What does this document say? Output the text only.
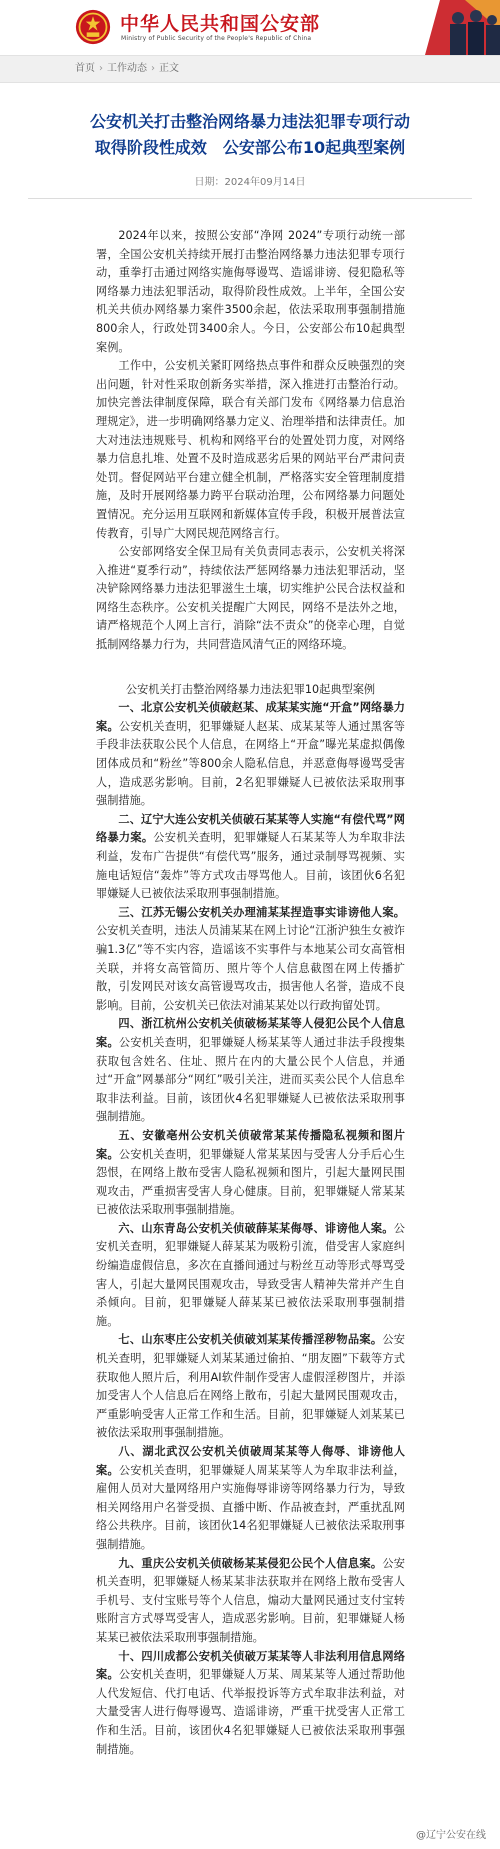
中华人民共和国公安部
Ministry of Public Security of the People's Republic of China
首页 › 工作动态 › 正文
公安机关打击整治网络暴力违法犯罪专项行动
取得阶段性成效　公安部公布10起典型案例
日期：2024年09月14日

2024年以来，按照公安部“净网 2024”专项行动统一部署，全国公安机关持续开展打击整治网络暴力违法犯罪专项行动，重拳打击通过网络实施侮辱谩骂、造谣诽谤、侵犯隐私等网络暴力违法犯罪活动，取得阶段性成效。上半年，全国公安机关共侦办网络暴力案件3500余起，依法采取刑事强制措施800余人，行政处罚3400余人。今日，公安部公布10起典型案例。

工作中，公安机关紧盯网络热点事件和群众反映强烈的突出问题，针对性采取创新务实举措，深入推进打击整治行动。加快完善法律制度保障，联合有关部门发布《网络暴力信息治理规定》，进一步明确网络暴力定义、治理举措和法律责任。加大对违法违规账号、机构和网络平台的处置处罚力度，对网络暴力信息扎堆、处置不及时造成恶劣后果的网站平台严肃问责处罚。督促网站平台建立健全机制，严格落实安全管理制度措施，及时开展网络暴力跨平台联动治理，公布网络暴力问题处置情况。充分运用互联网和新媒体宣传手段，积极开展普法宣传教育，引导广大网民规范网络言行。

公安部网络安全保卫局有关负责同志表示，公安机关将深入推进“夏季行动”，持续依法严惩网络暴力违法犯罪活动，坚决铲除网络暴力违法犯罪滋生土壤，切实维护公民合法权益和网络生态秩序。公安机关提醒广大网民，网络不是法外之地，请严格规范个人网上言行，消除“法不责众”的侥幸心理，自觉抵制网络暴力行为，共同营造风清气正的网络环境。

公安机关打击整治网络暴力违法犯罪10起典型案例

一、北京公安机关侦破赵某、成某某实施“开盒”网络暴力案。公安机关查明，犯罪嫌疑人赵某、成某某等人通过黑客等手段非法获取公民个人信息，在网络上“开盒”曝光某虚拟偶像团体成员和“粉丝”等800余人隐私信息，并恶意侮辱谩骂受害人，造成恶劣影响。目前，2名犯罪嫌疑人已被依法采取刑事强制措施。

二、辽宁大连公安机关侦破石某某等人实施“有偿代骂”网络暴力案。公安机关查明，犯罪嫌疑人石某某等人为牟取非法利益，发布广告提供“有偿代骂”服务，通过录制辱骂视频、实施电话短信“轰炸”等方式攻击辱骂他人。目前，该团伙6名犯罪嫌疑人已被依法采取刑事强制措施。

三、江苏无锡公安机关办理浦某某捏造事实诽谤他人案。公安机关查明，违法人员浦某某在网上讨论“江浙沪独生女被诈骗1.3亿”等不实内容，造谣该不实事件与本地某公司女高管相关联，并将女高管简历、照片等个人信息截图在网上传播扩散，引发网民对该女高管谩骂攻击，损害他人名誉，造成不良影响。目前，公安机关已依法对浦某某处以行政拘留处罚。

四、浙江杭州公安机关侦破杨某某等人侵犯公民个人信息案。公安机关查明，犯罪嫌疑人杨某某等人通过非法手段搜集获取包含姓名、住址、照片在内的大量公民个人信息，并通过“开盒”网暴部分“网红”吸引关注，进而买卖公民个人信息牟取非法利益。目前，该团伙4名犯罪嫌疑人已被依法采取刑事强制措施。

五、安徽亳州公安机关侦破常某某传播隐私视频和图片案。公安机关查明，犯罪嫌疑人常某某因与受害人分手后心生怨恨，在网络上散布受害人隐私视频和图片，引起大量网民围观攻击，严重损害受害人身心健康。目前，犯罪嫌疑人常某某已被依法采取刑事强制措施。

六、山东青岛公安机关侦破薛某某侮辱、诽谤他人案。公安机关查明，犯罪嫌疑人薛某某为吸粉引流，借受害人家庭纠纷编造虚假信息，多次在直播间通过与粉丝互动等形式辱骂受害人，引起大量网民围观攻击，导致受害人精神失常并产生自杀倾向。目前，犯罪嫌疑人薛某某已被依法采取刑事强制措施。

七、山东枣庄公安机关侦破刘某某传播淫秽物品案。公安机关查明，犯罪嫌疑人刘某某通过偷拍、“朋友圈”下载等方式获取他人照片后，利用AI软件制作受害人虚假淫秽图片，并添加受害人个人信息后在网络上散布，引起大量网民围观攻击，严重影响受害人正常工作和生活。目前，犯罪嫌疑人刘某某已被依法采取刑事强制措施。

八、湖北武汉公安机关侦破周某某等人侮辱、诽谤他人案。公安机关查明，犯罪嫌疑人周某某等人为牟取非法利益，雇佣人员对大量网络用户实施侮辱诽谤等网络暴力行为，导致相关网络用户名誉受损、直播中断、作品被查封，严重扰乱网络公共秩序。目前，该团伙14名犯罪嫌疑人已被依法采取刑事强制措施。

九、重庆公安机关侦破杨某某侵犯公民个人信息案。公安机关查明，犯罪嫌疑人杨某某非法获取并在网络上散布受害人手机号、支付宝账号等个人信息，煽动大量网民通过支付宝转账附言方式辱骂受害人，造成恶劣影响。目前，犯罪嫌疑人杨某某已被依法采取刑事强制措施。

十、四川成都公安机关侦破万某某等人非法利用信息网络案。公安机关查明，犯罪嫌疑人万某、周某某等人通过帮助他人代发短信、代打电话、代举报投诉等方式牟取非法利益，对大量受害人进行侮辱谩骂、造谣诽谤，严重干扰受害人正常工作和生活。目前，该团伙4名犯罪嫌疑人已被依法采取刑事强制措施。

@辽宁公安在线
